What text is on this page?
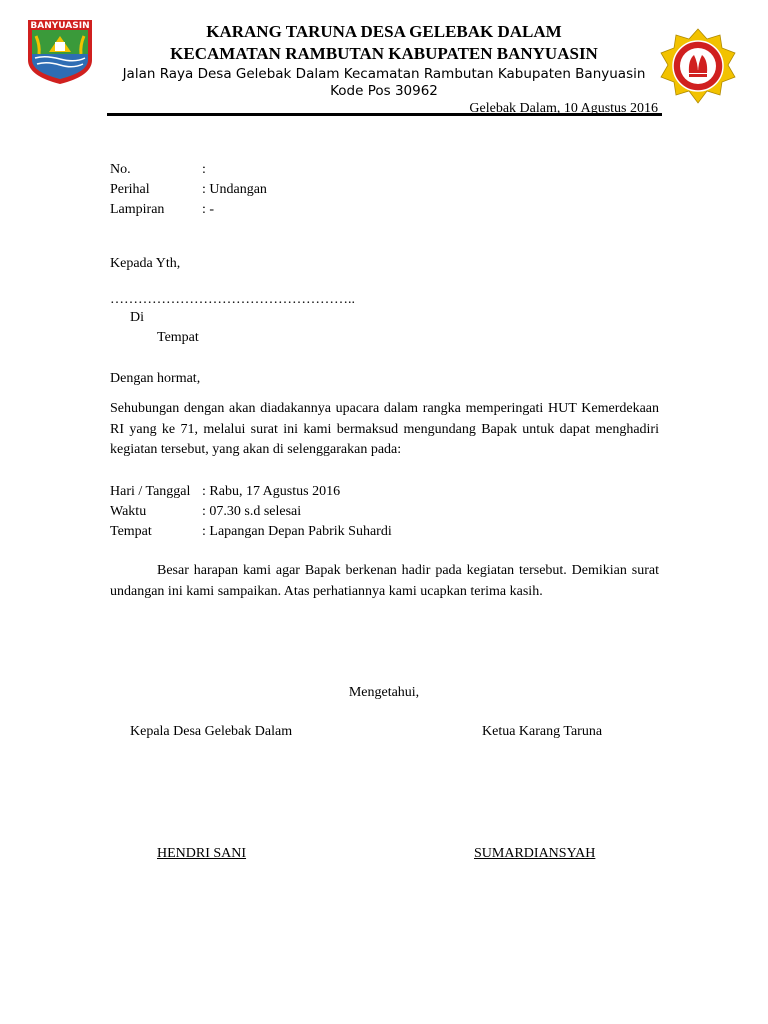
BANYUASIN	KARANG TARUNA DESA GELEBAK DALAM
KECAMATAN RAMBUTAN KABUPATEN BANYUASIN
Jalan Raya Desa Gelebak Dalam Kecamatan Rambutan Kabupaten Banyuasin Kode Pos 30962
Gelebak Dalam, 10 Agustus 2016
No.	:
Perihal	: Undangan
Lampiran	: -
Kepada Yth,
……………………………………………..
Di
Tempat
Dengan hormat,

Sehubungan dengan akan diadakannya upacara dalam rangka memperingati HUT Kemerdekaan RI yang ke 71, melalui surat ini kami bermaksud mengundang Bapak untuk dapat menghadiri kegiatan tersebut, yang akan di selenggarakan pada:

Hari / Tanggal : Rabu, 17 Agustus 2016
Waktu	: 07.30 s.d selesai
Tempat	: Lapangan Depan Pabrik Suhardi

Besar harapan kami agar Bapak berkenan hadir pada kegiatan tersebut. Demikian surat undangan ini kami sampaikan. Atas perhatiannya kami ucapkan terima kasih.

Mengetahui,
Kepala Desa Gelebak Dalam	Ketua Karang Taruna
HENDRI SANI	SUMARDIANSYAH
